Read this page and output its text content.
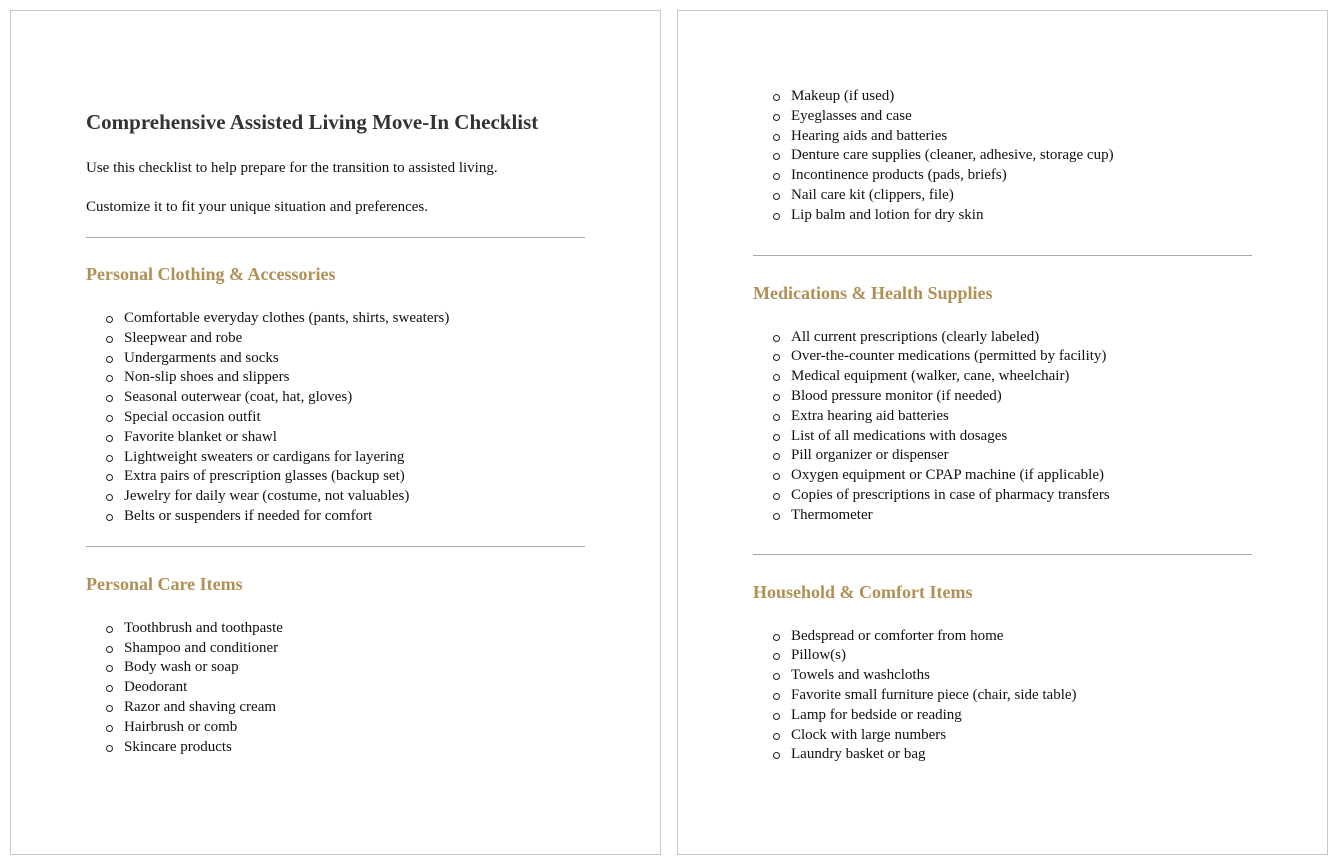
Comprehensive Assisted Living Move-In Checklist

Use this checklist to help prepare for the transition to assisted living.

Customize it to fit your unique situation and preferences.

Personal Clothing & Accessories
Comfortable everyday clothes (pants, shirts, sweaters)
Sleepwear and robe
Undergarments and socks
Non-slip shoes and slippers
Seasonal outerwear (coat, hat, gloves)
Special occasion outfit
Favorite blanket or shawl
Lightweight sweaters or cardigans for layering
Extra pairs of prescription glasses (backup set)
Jewelry for daily wear (costume, not valuables)
Belts or suspenders if needed for comfort
Personal Care Items
Toothbrush and toothpaste
Shampoo and conditioner
Body wash or soap
Deodorant
Razor and shaving cream
Hairbrush or comb
Skincare products
Makeup (if used)
Eyeglasses and case
Hearing aids and batteries
Denture care supplies (cleaner, adhesive, storage cup)
Incontinence products (pads, briefs)
Nail care kit (clippers, file)
Lip balm and lotion for dry skin
Medications & Health Supplies
All current prescriptions (clearly labeled)
Over-the-counter medications (permitted by facility)
Medical equipment (walker, cane, wheelchair)
Blood pressure monitor (if needed)
Extra hearing aid batteries
List of all medications with dosages
Pill organizer or dispenser
Oxygen equipment or CPAP machine (if applicable)
Copies of prescriptions in case of pharmacy transfers
Thermometer
Household & Comfort Items
Bedspread or comforter from home
Pillow(s)
Towels and washcloths
Favorite small furniture piece (chair, side table)
Lamp for bedside or reading
Clock with large numbers
Laundry basket or bag
